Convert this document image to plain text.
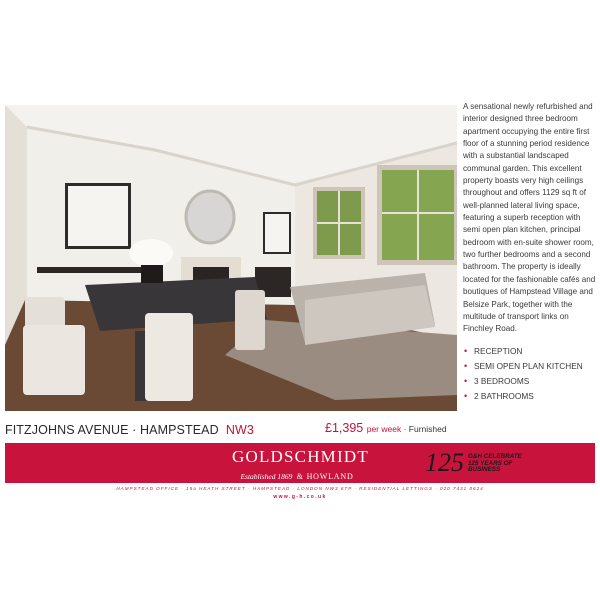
A sensational newly refurbished and interior designed three bedroom apartment occupying the entire first floor of a stunning period residence with a substantial landscaped communal garden. This excellent property boasts very high ceilings throughout and offers 1129 sq ft of well-planned lateral living space, featuring a superb reception with semi open plan kitchen, principal bedroom with en-suite shower room, two further bedrooms and a second bathroom. The property is ideally located for the fashionable cafés and boutiques of Hampstead Village and Belsize Park, together with the multitude of transport links on Finchley Road.

• RECEPTION
• SEMI OPEN PLAN KITCHEN
• 3 BEDROOMS
• 2 BATHROOMS
FITZJOHNS AVENUE · HAMPSTEAD NW3	£1,395 per week · Furnished
GOLDSCHMIDT
Established 1869 & HOWLAND	125 G&H CELEBRATE
125 YEARS OF
BUSINESS
HAMPSTEAD OFFICE · 15a HEATH STREET · HAMPSTEAD · LONDON NW3 6TP · RESIDENTIAL LETTINGS · 020 7431 0624
www.g-h.co.uk
